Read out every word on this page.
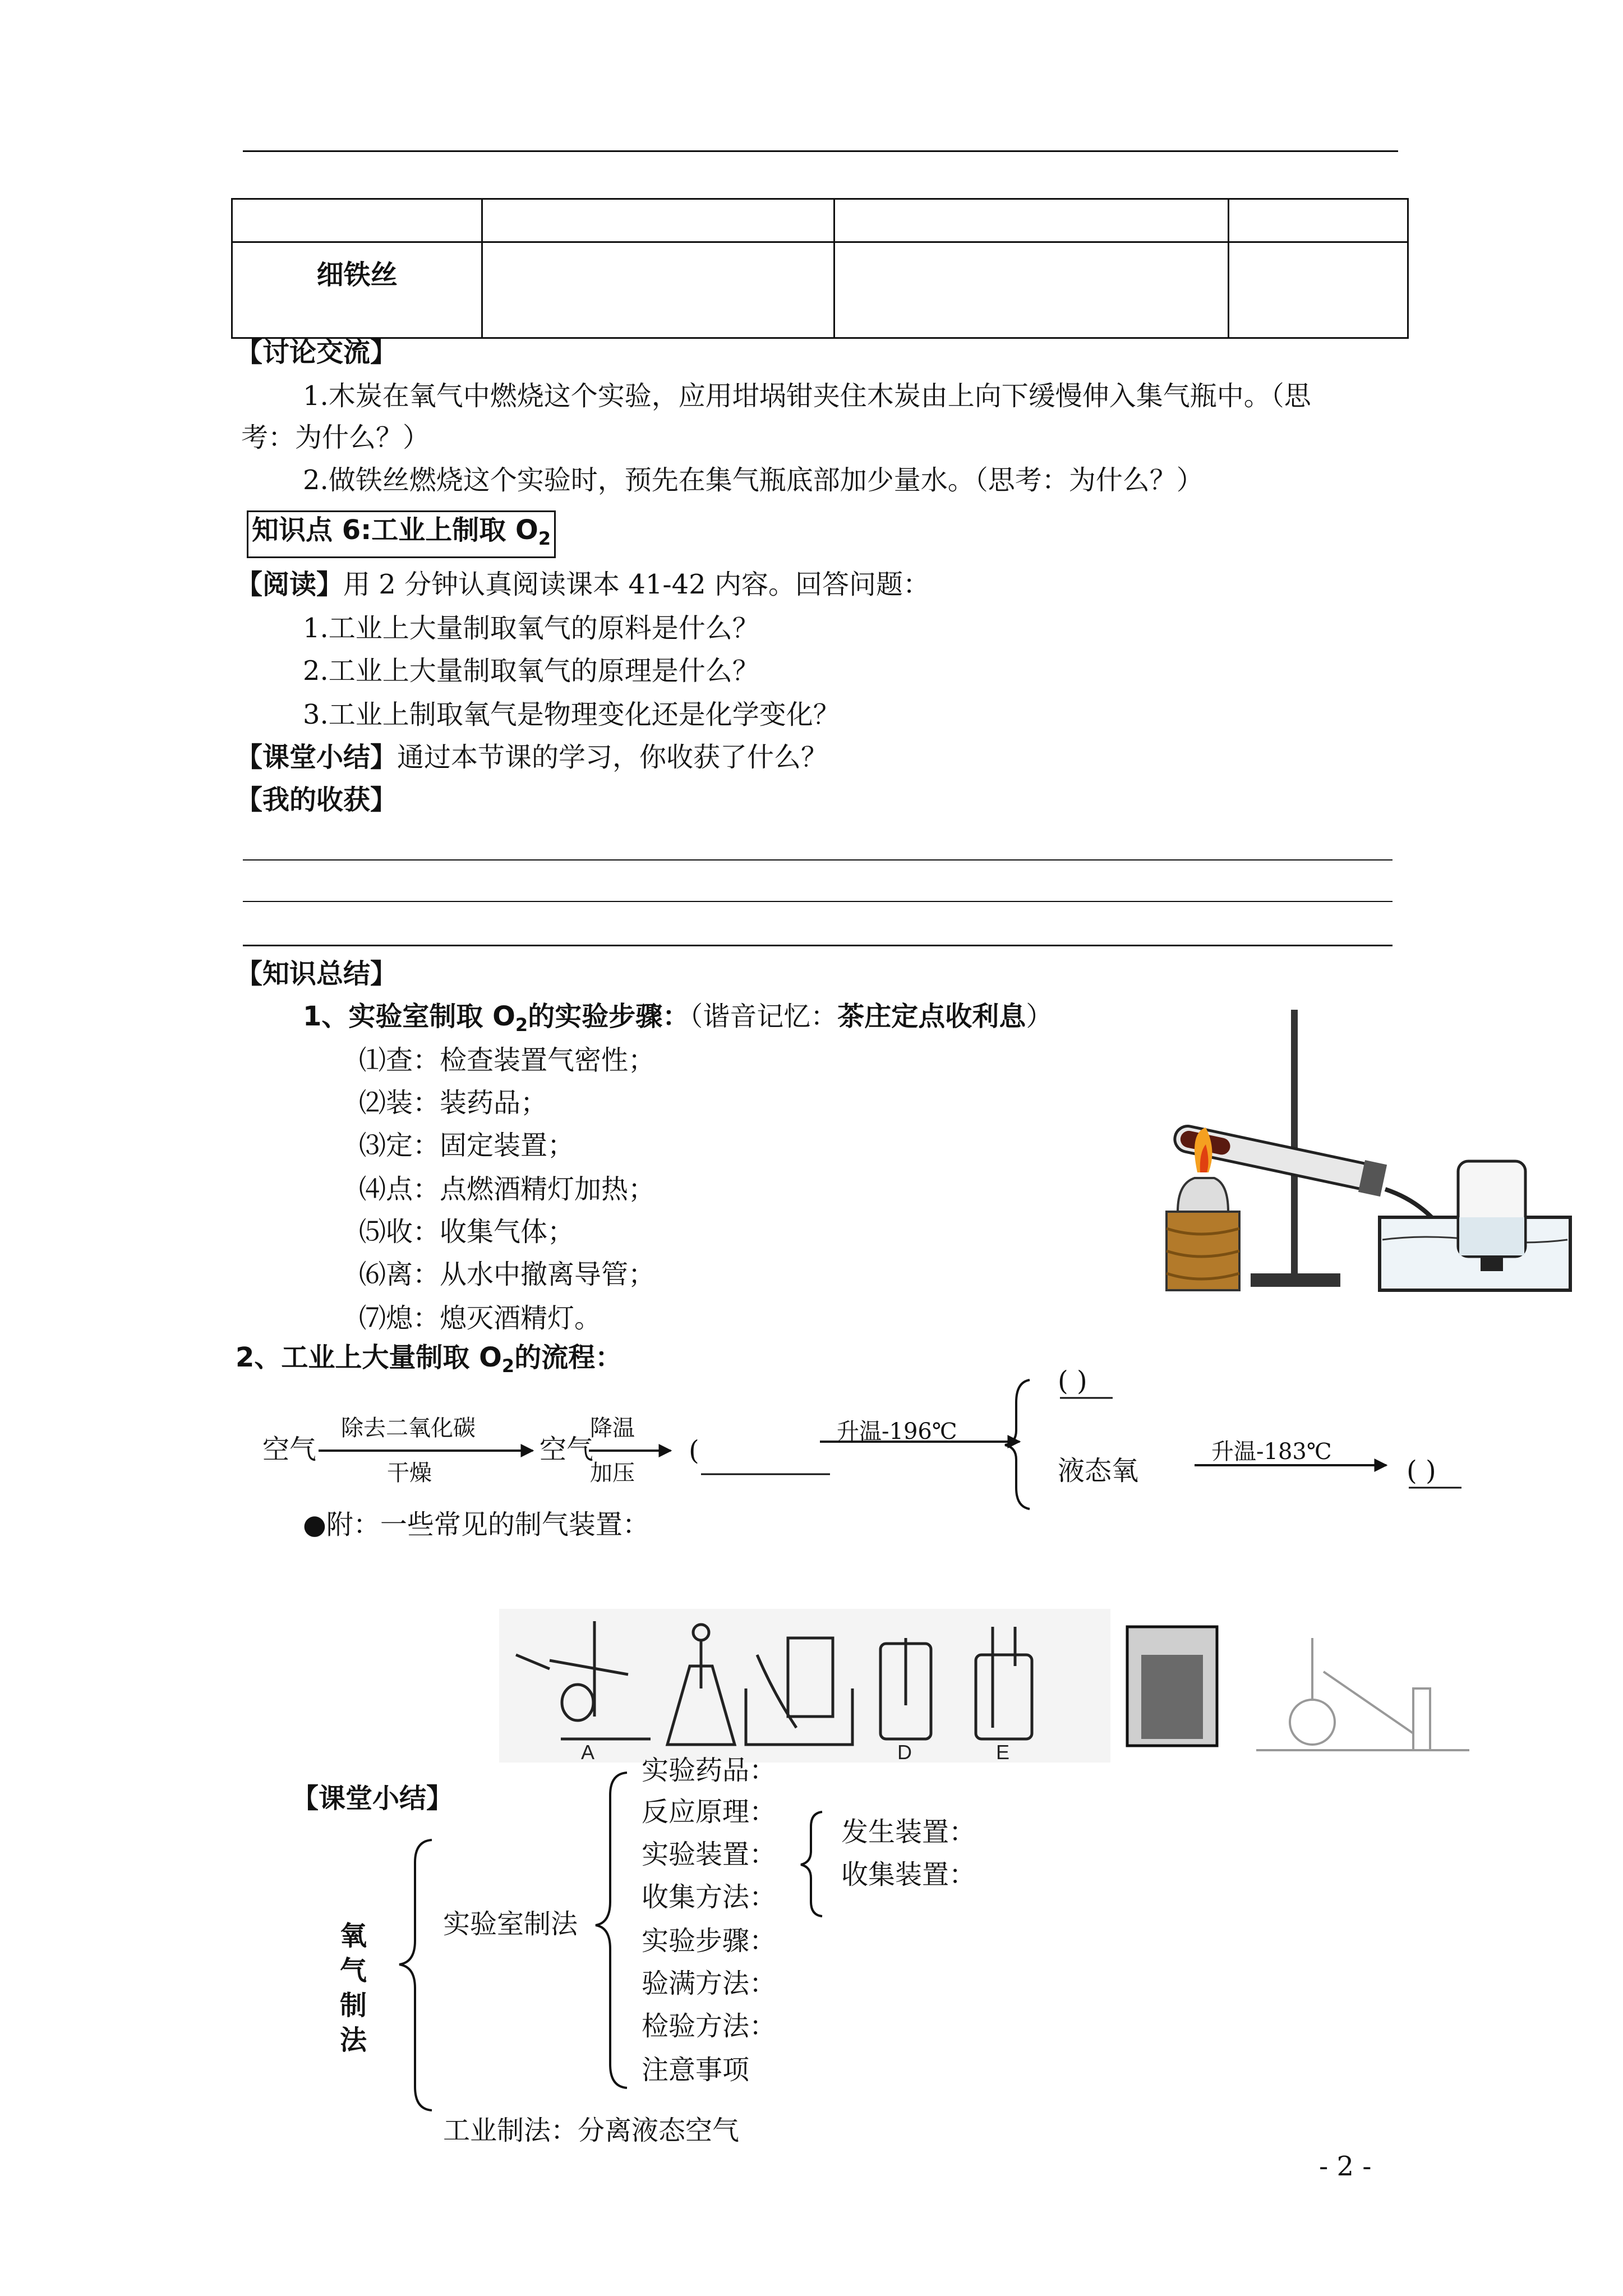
细铁丝			
【讨论交流】
1.木炭在氧气中燃烧这个实验，应用坩埚钳夹住木炭由上向下缓慢伸入集气瓶中。（思
考：为什么？）
2.做铁丝燃烧这个实验时，预先在集气瓶底部加少量水。（思考：为什么？）
知识点 6:工业上制取 $O_2$
【阅读】用 2 分钟认真阅读课本 41-42 内容。回答问题：
1.工业上大量制取氧气的原料是什么？
2.工业上大量制取氧气的原理是什么？
3.工业上制取氧气是物理变化还是化学变化？
【课堂小结】通过本节课的学习，你收获了什么？
【我的收获】
【知识总结】
1、实验室制取 $O_2$的实验步骤：（谐音记忆：茶庄定点收利息）
⑴查：检查装置气密性；
⑵装：装药品；
⑶定：固定装置；
⑷点：点燃酒精灯加热；
⑸收：收集气体；
⑹离：从水中撤离导管；
⑺熄：熄灭酒精灯。
2、工业上大量制取 $O_2$的流程：
空气
除去二氧化碳
干燥
空气
降温
加压
(
升温-196℃
( )
液态氧
升温-183℃
( )
●附：一些常见的制气装置：
A	D	E
【课堂小结】
氧
气
制
法
实验室制法
实验药品：
反应原理：
实验装置：
收集方法：
实验步骤：
验满方法：
检验方法：
注意事项
发生装置：
收集装置：
工业制法：分离液态空气
- 2 -
